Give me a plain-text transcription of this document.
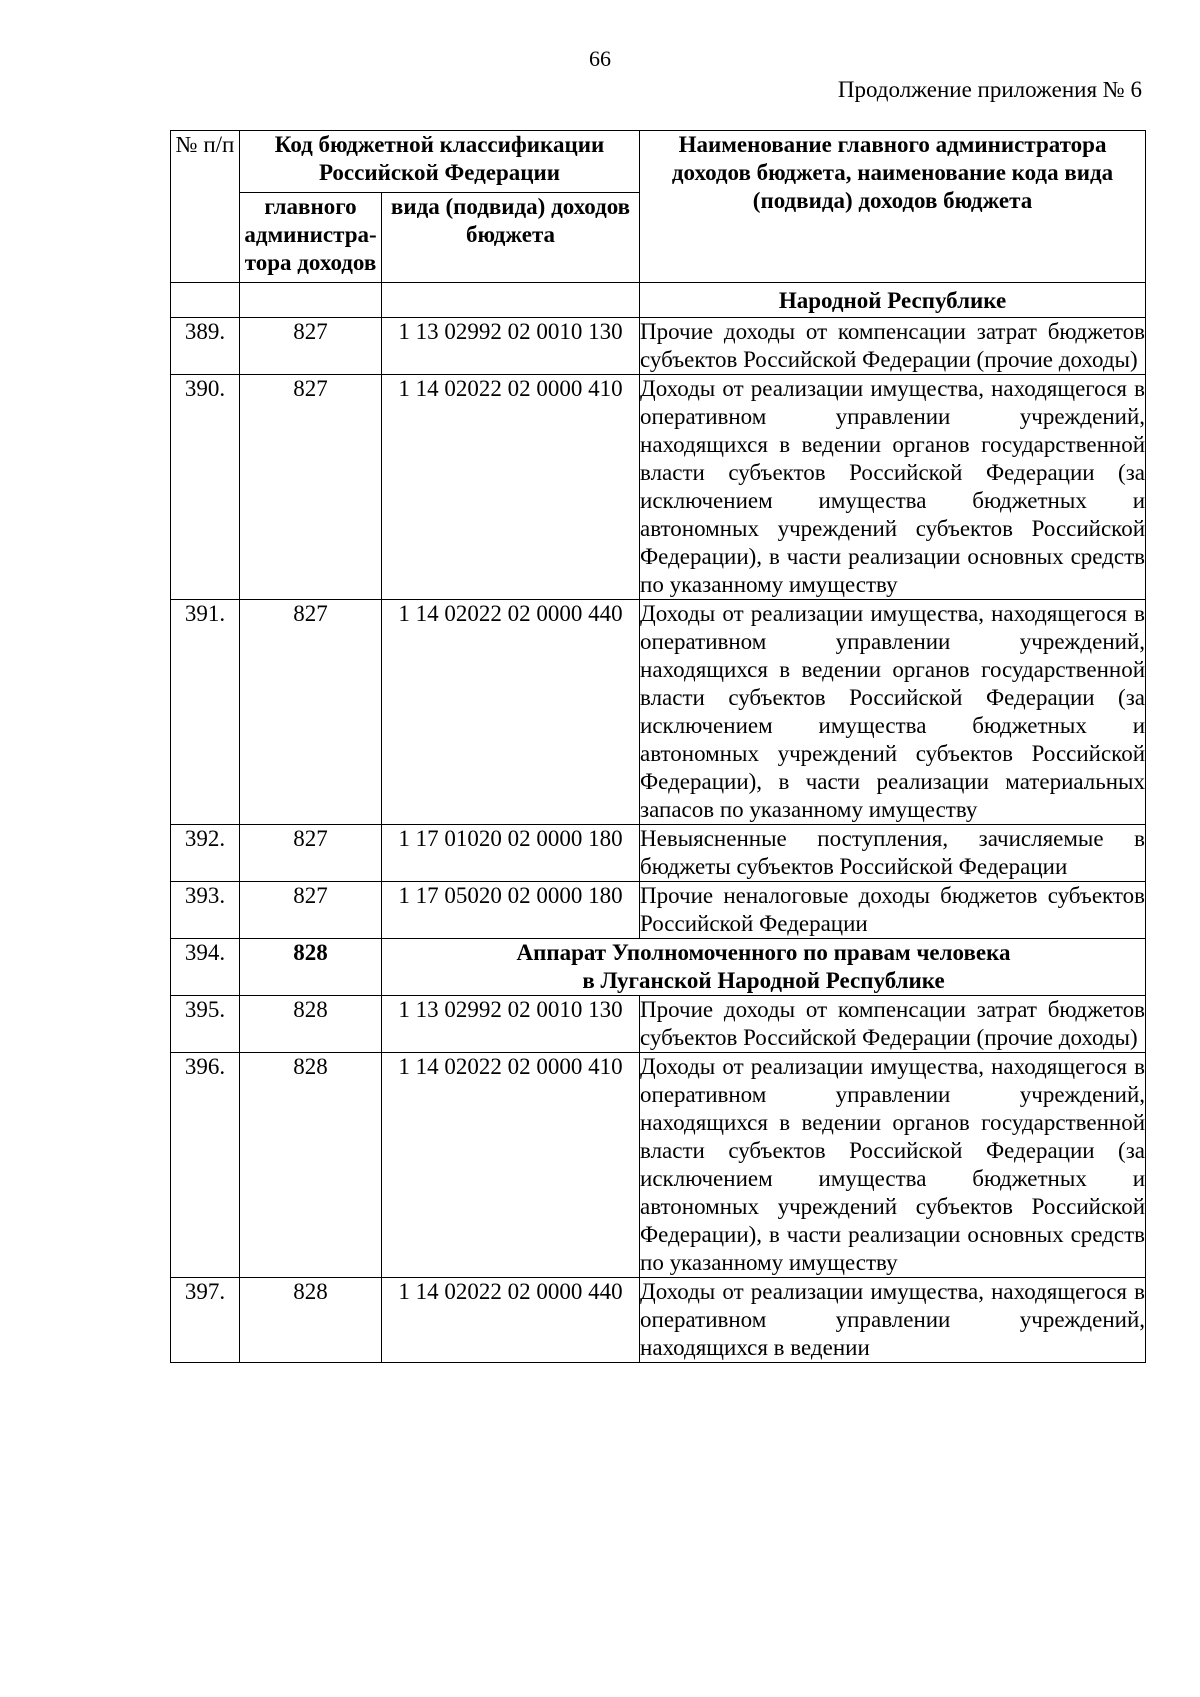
66
Продолжение приложения № 6
№ п/п	Код бюджетной классификации Российской Федерации		Наименование главного администратора доходов бюджета, наименование кода вида (подвида) доходов бюджета
	главного администра-тора доходов	вида (подвида) доходов бюджета	
			Народной Республике
389.	827	1 13 02992 02 0010 130	Прочие доходы от компенсации затрат бюджетов субъектов Российской Федерации (прочие доходы)
390.	827	1 14 02022 02 0000 410	Доходы от реализации имущества, находящегося в оперативном управлении учреждений, находящихся в ведении органов государственной власти субъектов Российской Федерации (за исключением имущества бюджетных и автономных учреждений субъектов Российской Федерации), в части реализации основных средств по указанному имуществу
391.	827	1 14 02022 02 0000 440	Доходы от реализации имущества, находящегося в оперативном управлении учреждений, находящихся в ведении органов государственной власти субъектов Российской Федерации (за исключением имущества бюджетных и автономных учреждений субъектов Российской Федерации), в части реализации материальных запасов по указанному имуществу
392.	827	1 17 01020 02 0000 180	Невыясненные поступления, зачисляемые в бюджеты субъектов Российской Федерации
393.	827	1 17 05020 02 0000 180	Прочие неналоговые доходы бюджетов субъектов Российской Федерации
394.	828	Аппарат Уполномоченного по правам человека
в Луганской Народной Республике	

395.	828	1 13 02992 02 0010 130	Прочие доходы от компенсации затрат бюджетов субъектов Российской Федерации (прочие доходы)
396.	828	1 14 02022 02 0000 410	Доходы от реализации имущества, находящегося в оперативном управлении учреждений, находящихся в ведении органов государственной власти субъектов Российской Федерации (за исключением имущества бюджетных и автономных учреждений субъектов Российской Федерации), в части реализации основных средств по указанному имуществу
397.	828	1 14 02022 02 0000 440	Доходы от реализации имущества, находящегося в оперативном управлении учреждений, находящихся в ведении
